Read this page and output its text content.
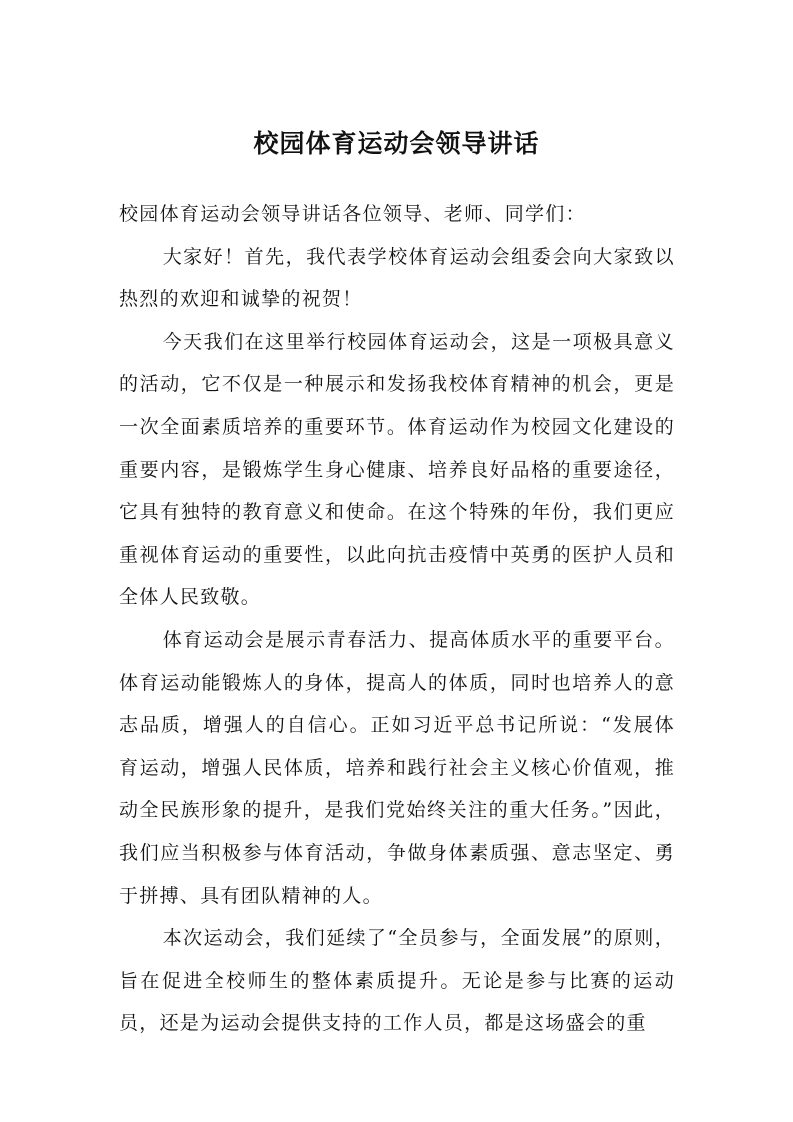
校园体育运动会领导讲话

校园体育运动会领导讲话各位领导、老师、同学们：

大家好！首先，我代表学校体育运动会组委会向大家致以热烈的欢迎和诚挚的祝贺！

今天我们在这里举行校园体育运动会，这是一项极具意义的活动，它不仅是一种展示和发扬我校体育精神的机会，更是一次全面素质培养的重要环节。体育运动作为校园文化建设的重要内容，是锻炼学生身心健康、培养良好品格的重要途径，它具有独特的教育意义和使命。在这个特殊的年份，我们更应重视体育运动的重要性，以此向抗击疫情中英勇的医护人员和全体人民致敬。

体育运动会是展示青春活力、提高体质水平的重要平台。体育运动能锻炼人的身体，提高人的体质，同时也培养人的意志品质，增强人的自信心。正如习近平总书记所说：“发展体育运动，增强人民体质，培养和践行社会主义核心价值观，推动全民族形象的提升，是我们党始终关注的重大任务。”因此，我们应当积极参与体育活动，争做身体素质强、意志坚定、勇于拼搏、具有团队精神的人。

本次运动会，我们延续了“全员参与，全面发展”的原则，旨在促进全校师生的整体素质提升。无论是参与比赛的运动员，还是为运动会提供支持的工作人员，都是这场盛会的重
